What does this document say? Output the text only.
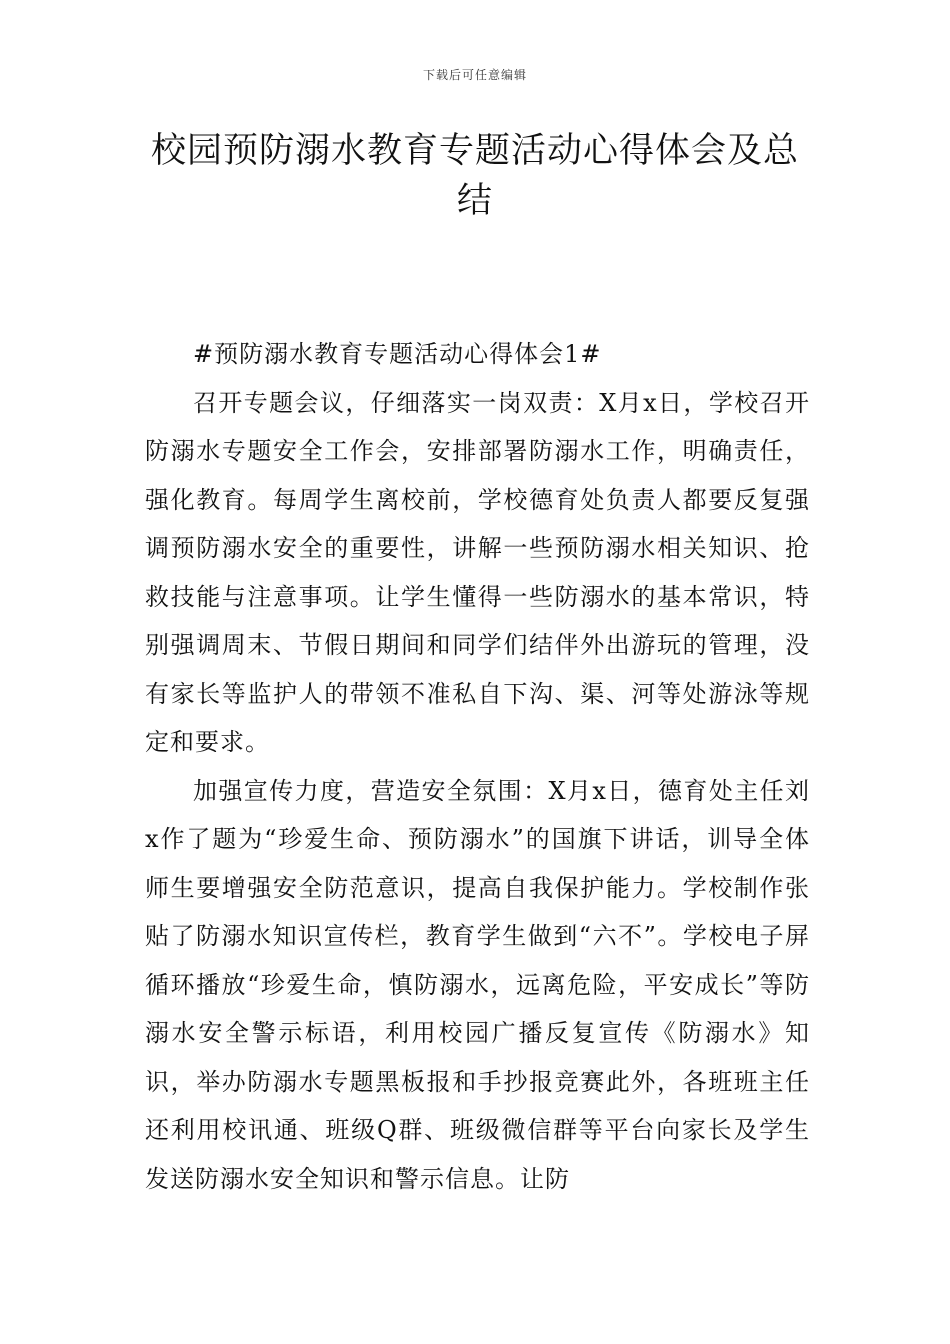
下载后可任意编辑
校园预防溺水教育专题活动心得体会及总结

#预防溺水教育专题活动心得体会1#

召开专题会议，仔细落实一岗双责：X月x日，学校召开防溺水专题安全工作会，安排部署防溺水工作，明确责任，强化教育。每周学生离校前，学校德育处负责人都要反复强调预防溺水安全的重要性，讲解一些预防溺水相关知识、抢救技能与注意事项。让学生懂得一些防溺水的基本常识，特别强调周末、节假日期间和同学们结伴外出游玩的管理，没有家长等监护人的带领不准私自下沟、渠、河等处游泳等规定和要求。

加强宣传力度，营造安全氛围：X月x日，德育处主任刘x作了题为“珍爱生命、预防溺水”的国旗下讲话，训导全体师生要增强安全防范意识，提高自我保护能力。学校制作张贴了防溺水知识宣传栏，教育学生做到“六不”。学校电子屏循环播放“珍爱生命，慎防溺水，远离危险，平安成长”等防溺水安全警示标语，利用校园广播反复宣传《防溺水》知识，举办防溺水专题黑板报和手抄报竞赛此外，各班班主任还利用校讯通、班级Q群、班级微信群等平台向家长及学生发送防溺水安全知识和警示信息。让防
